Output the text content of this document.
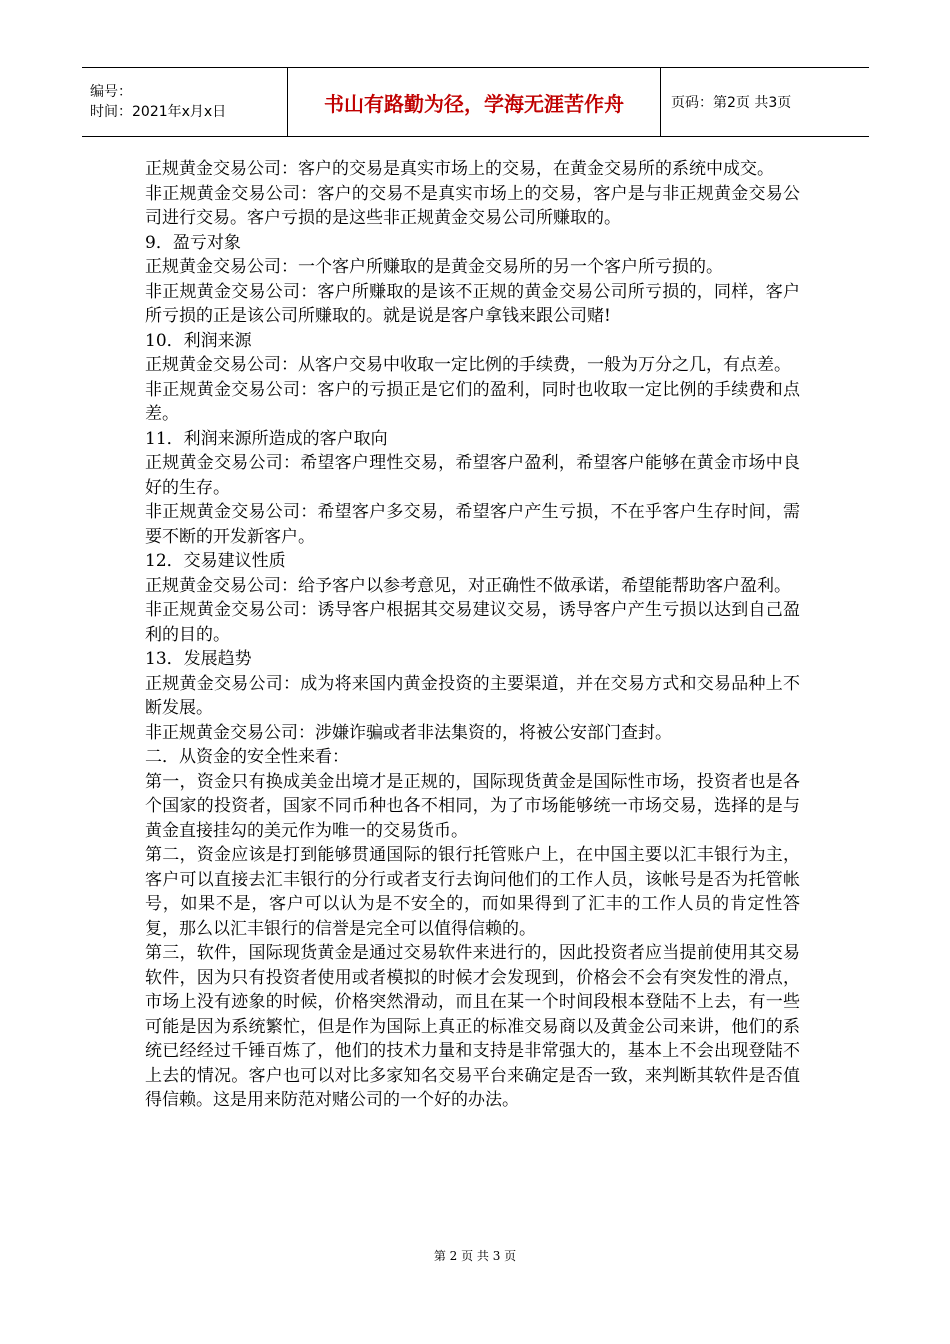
编号：
时间：2021年x月x日	书山有路勤为径，学海无涯苦作舟	页码：第2页 共3页

正规黄金交易公司：客户的交易是真实市场上的交易，在黄金交易所的系统中成交。

非正规黄金交易公司：客户的交易不是真实市场上的交易，客户是与非正规黄金交易公司进行交易。客户亏损的是这些非正规黄金交易公司所赚取的。

9．盈亏对象

正规黄金交易公司：一个客户所赚取的是黄金交易所的另一个客户所亏损的。

非正规黄金交易公司：客户所赚取的是该不正规的黄金交易公司所亏损的，同样，客户所亏损的正是该公司所赚取的。就是说是客户拿钱来跟公司赌!

10．利润来源

正规黄金交易公司：从客户交易中收取一定比例的手续费，一般为万分之几，有点差。

非正规黄金交易公司：客户的亏损正是它们的盈利，同时也收取一定比例的手续费和点差。

11．利润来源所造成的客户取向

正规黄金交易公司：希望客户理性交易，希望客户盈利，希望客户能够在黄金市场中良好的生存。

非正规黄金交易公司：希望客户多交易，希望客户产生亏损，不在乎客户生存时间，需要不断的开发新客户。

12．交易建议性质

正规黄金交易公司：给予客户以参考意见，对正确性不做承诺，希望能帮助客户盈利。

非正规黄金交易公司：诱导客户根据其交易建议交易，诱导客户产生亏损以达到自己盈利的目的。

13．发展趋势

正规黄金交易公司：成为将来国内黄金投资的主要渠道，并在交易方式和交易品种上不断发展。

非正规黄金交易公司：涉嫌诈骗或者非法集资的，将被公安部门查封。

二．从资金的安全性来看：

第一，资金只有换成美金出境才是正规的，国际现货黄金是国际性市场，投资者也是各个国家的投资者，国家不同币种也各不相同，为了市场能够统一市场交易，选择的是与黄金直接挂勾的美元作为唯一的交易货币。

第二，资金应该是打到能够贯通国际的银行托管账户上，在中国主要以汇丰银行为主，客户可以直接去汇丰银行的分行或者支行去询问他们的工作人员，该帐号是否为托管帐号，如果不是，客户可以认为是不安全的，而如果得到了汇丰的工作人员的肯定性答复，那么以汇丰银行的信誉是完全可以值得信赖的。

第三，软件，国际现货黄金是通过交易软件来进行的，因此投资者应当提前使用其交易软件，因为只有投资者使用或者模拟的时候才会发现到，价格会不会有突发性的滑点，市场上没有迹象的时候，价格突然滑动，而且在某一个时间段根本登陆不上去，有一些可能是因为系统繁忙，但是作为国际上真正的标准交易商以及黄金公司来讲，他们的系统已经经过千锤百炼了，他们的技术力量和支持是非常强大的，基本上不会出现登陆不上去的情况。客户也可以对比多家知名交易平台来确定是否一致，来判断其软件是否值得信赖。这是用来防范对赌公司的一个好的办法。

第 2 页 共 3 页
